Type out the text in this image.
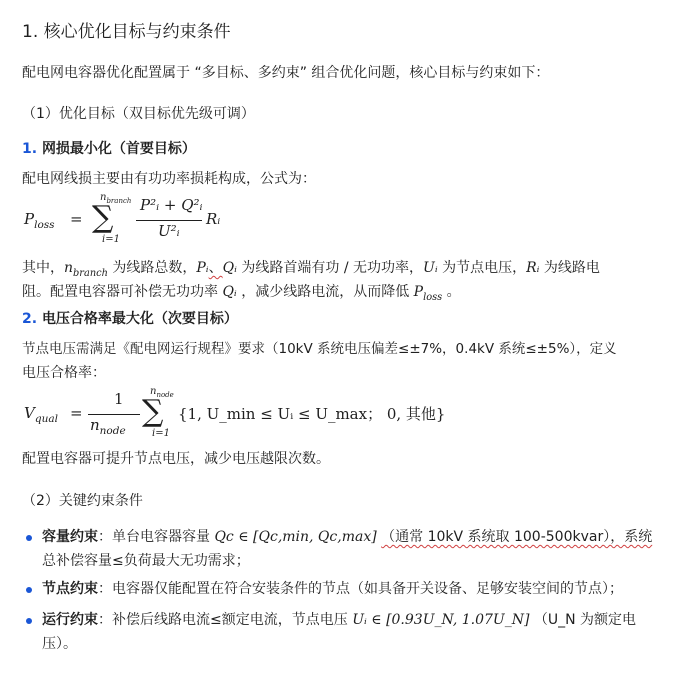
1. 核心优化目标与约束条件
配电网电容器优化配置属于 “多目标、多约束” 组合优化问题，核心目标与约束如下：
（1）优化目标（双目标优先级可调）
1. 网损最小化（首要目标）
配电网线损主要由有功功率损耗构成，公式为：
$P_{loss}$ =
$n_{branch}$
∑
i=1
P²ᵢ + Q²ᵢ
U²ᵢ
Rᵢ
其中，$n_{branch}$ 为线路总数，Pᵢ、Qᵢ 为线路首端有功 / 无功功率，Uᵢ 为节点电压，Rᵢ 为线路电
阻。配置电容器可补偿无功功率 Qᵢ ，减少线路电流，从而降低 $P_{loss}$ 。
2. 电压合格率最大化（次要目标）
节点电压需满足《配电网运行规程》要求（10kV 系统电压偏差≤±7%，0.4kV 系统≤±5%），定义
电压合格率：
$V_{qual}$ =
1
$n_{node}$
$n_{node}$
∑
i=1
{1, U_min ≤ Uᵢ ≤ U_max； 0, 其他}
配置电容器可提升节点电压，减少电压越限次数。
（2）关键约束条件
容量约束：单台电容器容量 Qc ∈ [Qc,min, Qc,max] （通常 10kV 系统取 100-500kvar），系统
总补偿容量≤负荷最大无功需求；
节点约束：电容器仅能配置在符合安装条件的节点（如具备开关设备、足够安装空间的节点）；
运行约束：补偿后线路电流≤额定电流，节点电压 Uᵢ ∈ [0.93U_N, 1.07U_N] （U_N 为额定电
压）。
